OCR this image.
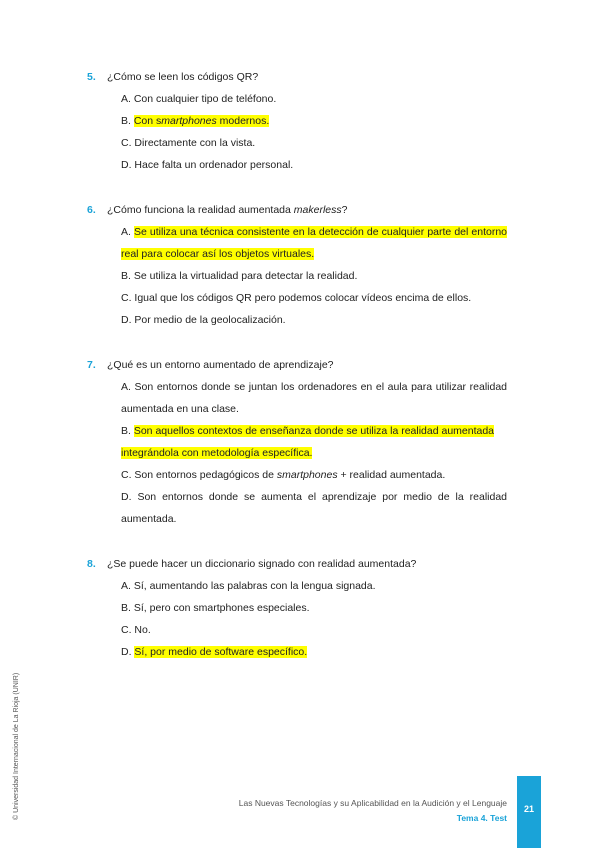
5.	¿Cómo se leen los códigos QR?
A. Con cualquier tipo de teléfono.
B. Con smartphones modernos.
C. Directamente con la vista.
D. Hace falta un ordenador personal.
6.	¿Cómo funciona la realidad aumentada makerless?
A. Se utiliza una técnica consistente en la detección de cualquier parte del entorno real para colocar así los objetos virtuales.
B. Se utiliza la virtualidad para detectar la realidad.
C. Igual que los códigos QR pero podemos colocar vídeos encima de ellos.
D. Por medio de la geolocalización.
7.	¿Qué es un entorno aumentado de aprendizaje?
A. Son entornos donde se juntan los ordenadores en el aula para utilizar realidad aumentada en una clase.
B. Son aquellos contextos de enseñanza donde se utiliza la realidad aumentada integrándola con metodología específica.
C. Son entornos pedagógicos de smartphones + realidad aumentada.
D. Son entornos donde se aumenta el aprendizaje por medio de la realidad aumentada.
8.	¿Se puede hacer un diccionario signado con realidad aumentada?
A. Sí, aumentando las palabras con la lengua signada.
B. Sí, pero con smartphones especiales.
C. No.
D. Sí, por medio de software específico.
© Universidad Internacional de La Rioja (UNIR)	Las Nuevas Tecnologías y su Aplicabilidad en la Audición y el Lenguaje
Tema 4. Test
21
